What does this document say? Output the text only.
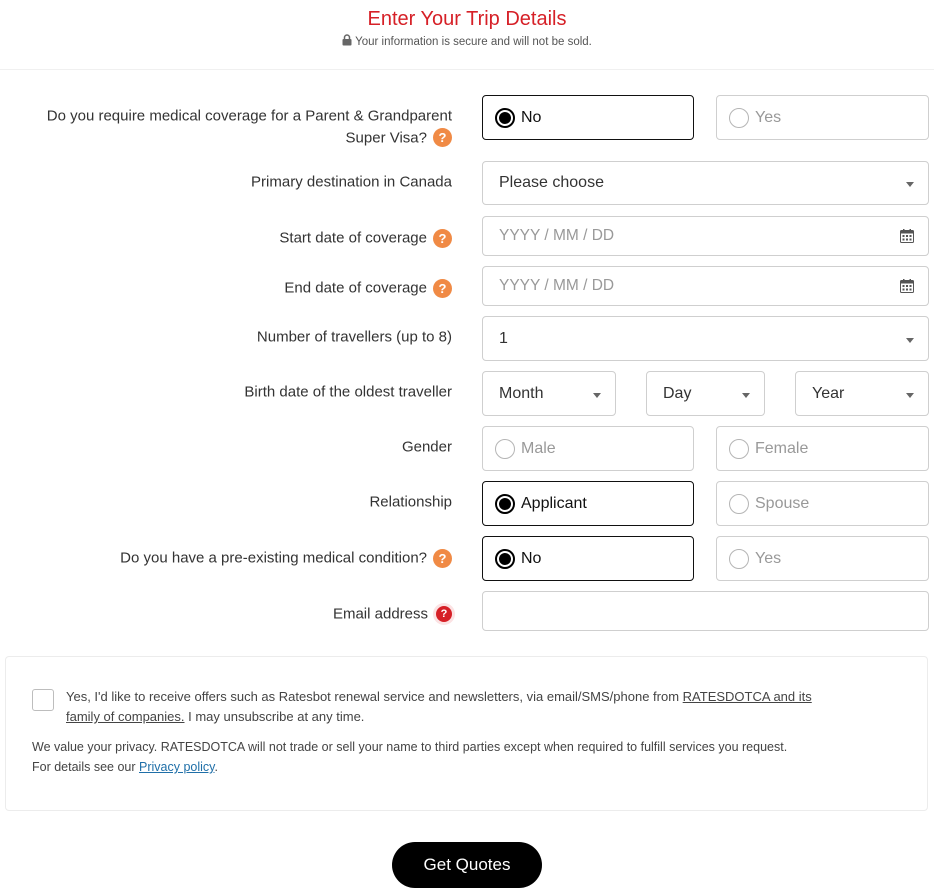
Enter Your Trip Details
Your information is secure and will not be sold.
Do you require medical coverage for a Parent & Grandparent
Super Visa? ?
No	Yes
Primary destination in Canada	Please choose
Start date of coverage ?	YYYY / MM / DD
End date of coverage ?	YYYY / MM / DD
Number of travellers (up to 8)	1
Birth date of the oldest traveller	Month	Day	Year
Gender	Male	Female
Relationship	Applicant	Spouse
Do you have a pre-existing medical condition? ?	No	Yes
Email address ?
Yes, I'd like to receive offers such as Ratesbot renewal service and newsletters, via email/SMS/phone from RATESDOTCA and its
family of companies. I may unsubscribe at any time.
We value your privacy. RATESDOTCA will not trade or sell your name to third parties except when required to fulfill services you request.
For details see our Privacy policy.
Get Quotes
